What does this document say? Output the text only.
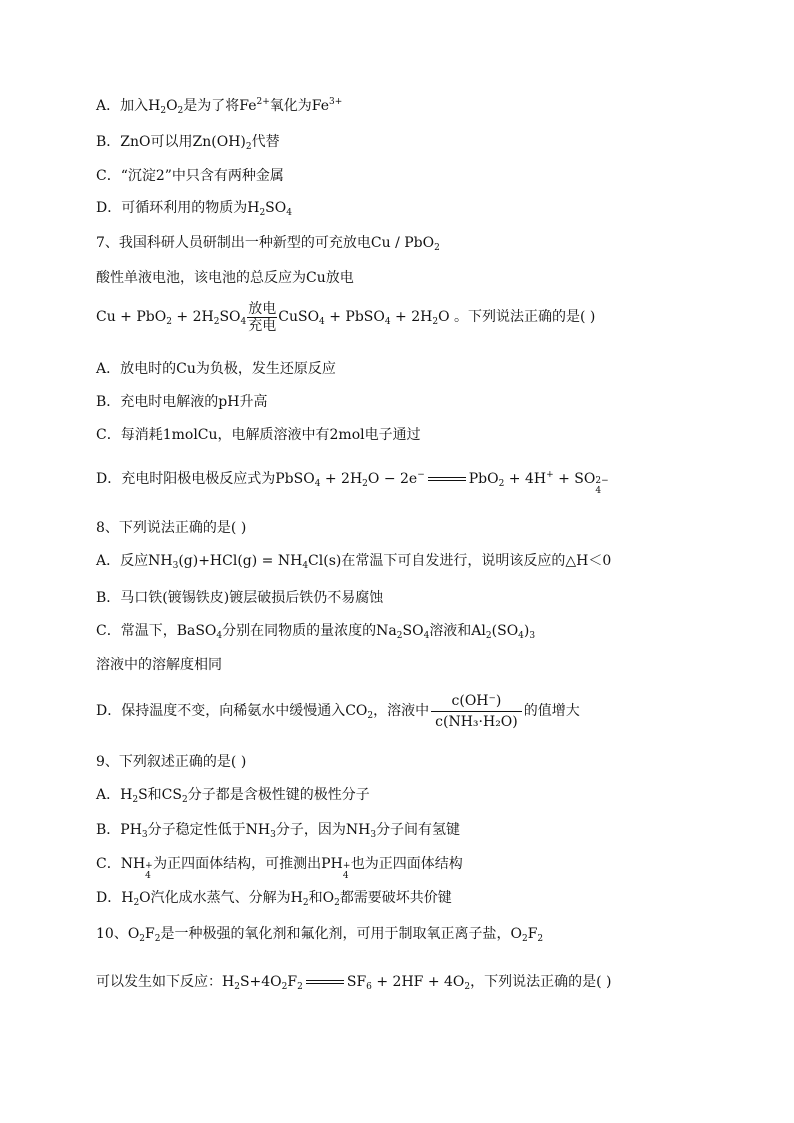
A．加入$H_2O_2$是为了将$Fe^{2+}$氧化为$Fe^{3+}$
B．ZnO可以用$Zn(OH)_2$代替
C．“沉淀2”中只含有两种金属
D．可循环利用的物质为$H_2SO_4$
7、我国科研人员研制出一种新型的可充放电Cu / PbO$_2$
酸性单液电池，该电池的总反应为Cu放电
$Cu + PbO_2 + 2H_2SO_4$
放电
充电
CuSO$_4$ + PbSO$_4$ + $2H_2O$ 。下列说法正确的是( )
A．放电时的Cu为负极，发生还原反应
B．充电时电解液的pH升高
C．每消耗1molCu，电解质溶液中有2mol电子通过
D．充电时阳极电极反应式为PbSO$_4$ + $2H_2O - 2e^-$	PbO$_2$ + 4H+ + SO 2−
4
8、下列说法正确的是( )
A．反应$NH_3(g)+HCl(g) = NH_4Cl(s)$在常温下可自发进行，说明该反应的△H＜0
B．马口铁(镀锡铁皮)镀层破损后铁仍不易腐蚀
C．常温下，BaSO$_4$分别在同物质的量浓度的$Na_2SO_4$溶液和$Al_2(SO_4)_3$
溶液中的溶解度相同
D．保持温度不变，向稀氨水中缓慢通入$CO_2$，溶液中 $\frac{c(OH^-)}{\text{c(NH₃·H₂O)}}$ 的值增大
9、下列叙述正确的是( )
A．$H_2S$和$CS_2$分子都是含极性键的极性分子
B．$PH_3$分子稳定性低于$NH_3$分子，因为$NH_3$分子间有氢键
C．NH +
4
为正四面体结构，可推测出PH +
4
也为正四面体结构
D．$H_2O$汽化成水蒸气、分解为$H_2$和$O_2$都需要破坏共价键
10、$O_2F_2$是一种极强的氧化剂和氟化剂，可用于制取氧正离子盐，$O_2F_2$
可以发生如下反应：$H_2S+4O_2F_2$	$SF_6 + 2HF + 4O_2$，下列说法正确的是( )
